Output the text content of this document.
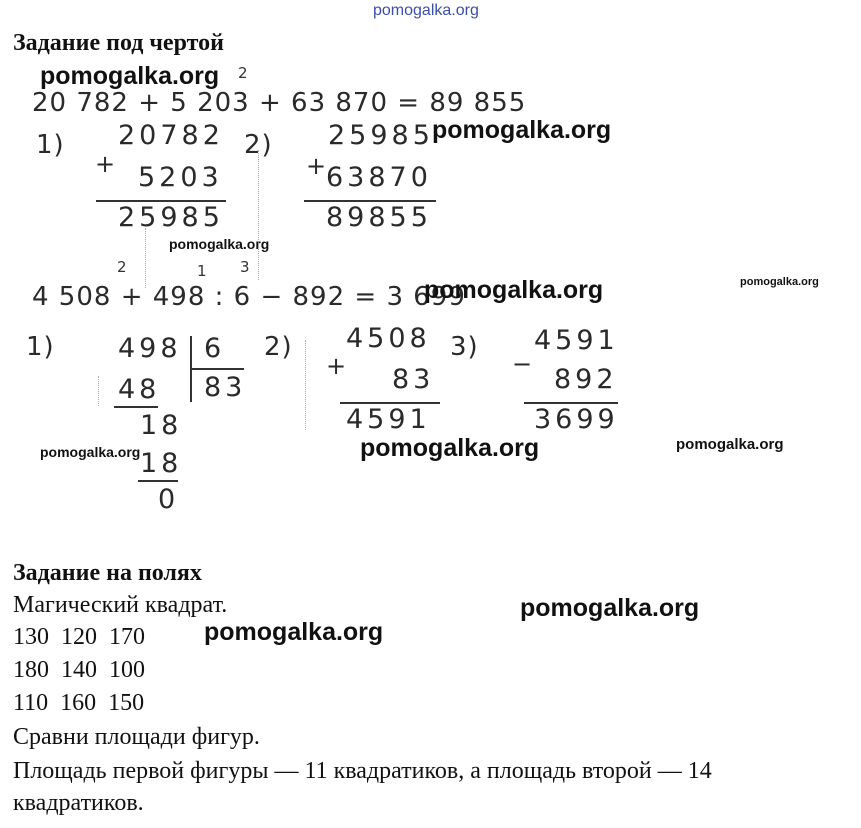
pomogalka.org
Задание под чертой
pomogalka.org 2
20 782 + 5 203 + 63 870 = 89 855
1) 20782
+ 5203
25985
2) 25985
+
63870
89855
pomogalka.org
pomogalka.org
2	1 3
4 508 + 498 : 6 − 892 = 3 699
pomogalka.org	pomogalka.org
1) 498 6
83
48
18
18
0
2) 4508
+ 83
4591
3) 4591
− 892
3699
pomogalka.org	pomogalka.org	pomogalka.org
Задание на полях
Магический квадрат.	pomogalka.org
130  120  170 pomogalka.org
180  140  100
110  160  150
Сравни площади фигур.
Площадь первой фигуры — 11 квадратиков, а площадь второй — 14
квадратиков.
